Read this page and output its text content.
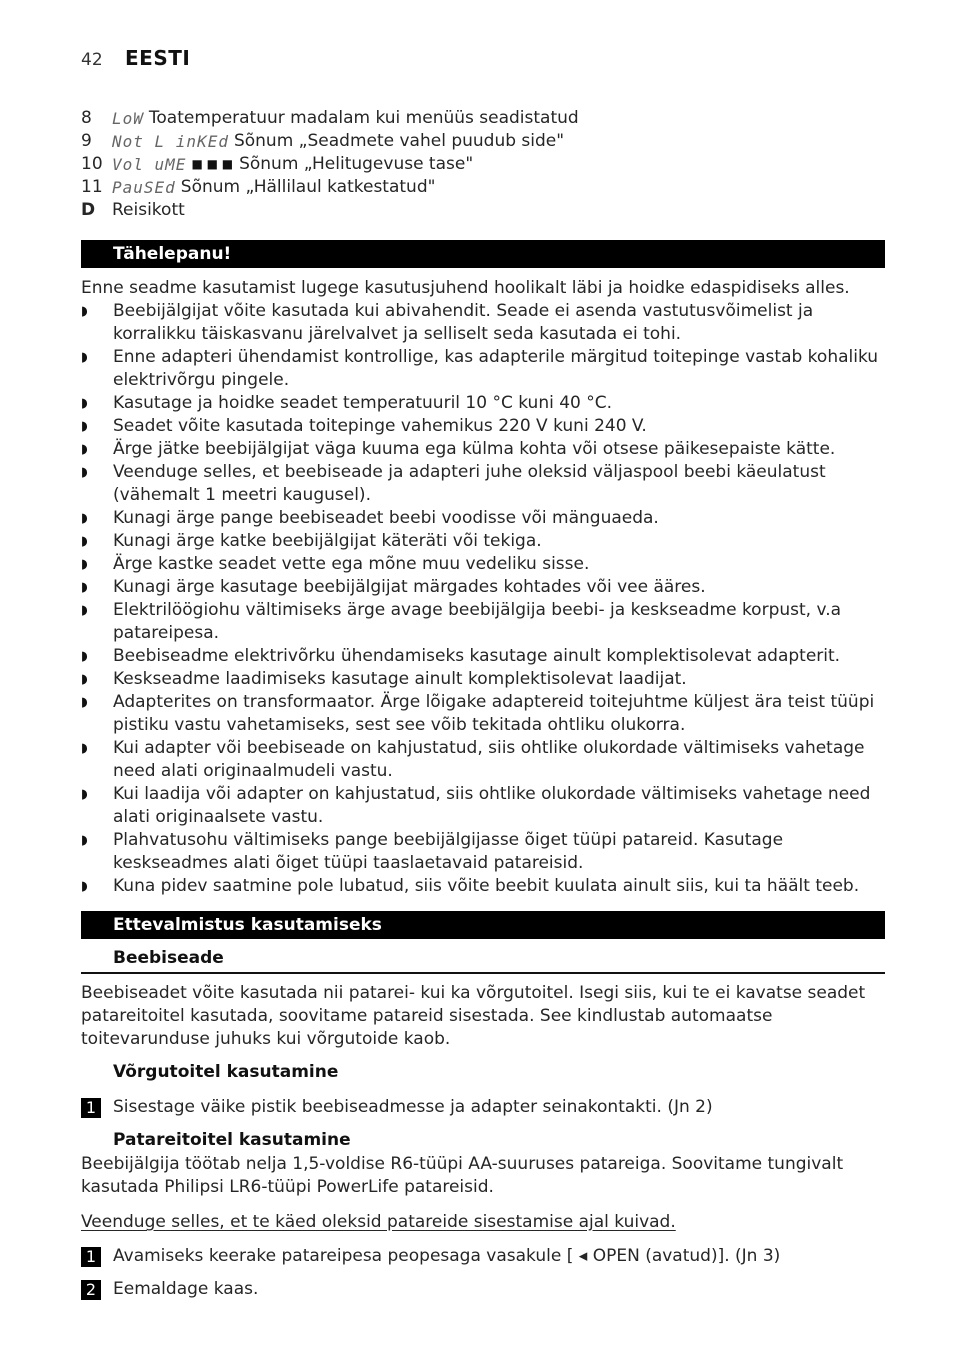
42	EESTI
8	LoW Toatemperatuur madalam kui menüüs seadistatud
9	Not L inKEd Sõnum „Seadmete vahel puudub side"
10 Vol uME ■ ■ ■ Sõnum „Helitugevuse tase"
11 PauSEd Sõnum „Hällilaul katkestatud"
D Reisikott
Tähelepanu!
Enne seadme kasutamist lugege kasutusjuhend hoolikalt läbi ja hoidke edaspidiseks alles.
◗	Beebijälgijat võite kasutada kui abivahendit. Seade ei asenda vastutusvõimelist ja korralikku täiskasvanu järelvalvet ja selliselt seda kasutada ei tohi.
◗	Enne adapteri ühendamist kontrollige, kas adapterile märgitud toitepinge vastab kohaliku elektrivõrgu pingele.
◗	Kasutage ja hoidke seadet temperatuuril 10 °C kuni 40 °C.
◗	Seadet võite kasutada toitepinge vahemikus 220 V kuni 240 V.
◗	Ärge jätke beebijälgijat väga kuuma ega külma kohta või otsese päikesepaiste kätte.
◗	Veenduge selles, et beebiseade ja adapteri juhe oleksid väljaspool beebi käeulatust (vähemalt 1 meetri kaugusel).
◗	Kunagi ärge pange beebiseadet beebi voodisse või mänguaeda.
◗	Kunagi ärge katke beebijälgijat käteräti või tekiga.
◗	Ärge kastke seadet vette ega mõne muu vedeliku sisse.
◗	Kunagi ärge kasutage beebijälgijat märgades kohtades või vee ääres.
◗	Elektrilöögiohu vältimiseks ärge avage beebijälgija beebi- ja keskseadme korpust, v.a patareipesa.
◗	Beebiseadme elektrivõrku ühendamiseks kasutage ainult komplektisolevat adapterit.
◗	Keskseadme laadimiseks kasutage ainult komplektisolevat laadijat.
◗	Adapterites on transformaator. Ärge lõigake adaptereid toitejuhtme küljest ära teist tüüpi pistiku vastu vahetamiseks, sest see võib tekitada ohtliku olukorra.
◗	Kui adapter või beebiseade on kahjustatud, siis ohtlike olukordade vältimiseks vahetage need alati originaalmudeli vastu.
◗	Kui laadija või adapter on kahjustatud, siis ohtlike olukordade vältimiseks vahetage need alati originaalsete vastu.
◗	Plahvatusohu vältimiseks pange beebijälgijasse õiget tüüpi patareid. Kasutage keskseadmes alati õiget tüüpi taaslaetavaid patareisid.
◗	Kuna pidev saatmine pole lubatud, siis võite beebit kuulata ainult siis, kui ta häält teeb.
Ettevalmistus kasutamiseks
Beebiseade
Beebiseadet võite kasutada nii patarei- kui ka võrgutoitel. Isegi siis, kui te ei kavatse seadet patareitoitel kasutada, soovitame patareid sisestada. See kindlustab automaatse toitevarunduse juhuks kui võrgutoide kaob.
Võrgutoitel kasutamine
1 Sisestage väike pistik beebiseadmesse ja adapter seinakontakti. (Jn 2)
Patareitoitel kasutamine
Beebijälgija töötab nelja 1,5-voldise R6-tüüpi AA-suuruses patareiga. Soovitame tungivalt kasutada Philipsi LR6-tüüpi PowerLife patareisid.
Veenduge selles, et te käed oleksid patareide sisestamise ajal kuivad.
1 Avamiseks keerake patareipesa peopesaga vasakule [ ◂ OPEN (avatud)]. (Jn 3)
2 Eemaldage kaas.
